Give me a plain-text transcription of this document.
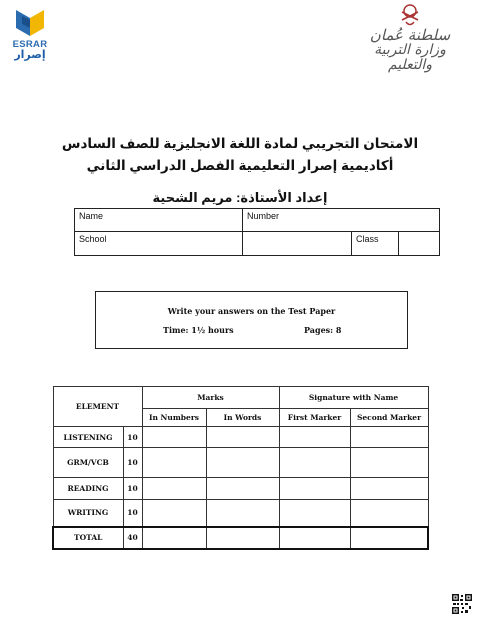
ESRAR
إصرار
سلطنة عُمان
وزارة التربية والتعليم
الامتحان التجريبي لمادة اللغة الانجليزية للصف السادس
أكاديمية إصرار التعليمية الفصل الدراسي الثاني
إعداد الأستاذة: مريم الشحية
Name	Number
School	Class
Write your answers on the Test Paper
Time: 1½ hours	Pages: 8
ELEMENT		Marks		Signature with Name	
		In Numbers	In Words	First Marker	Second Marker
LISTENING	10				
GRM/VCB	10				
READING	10				
WRITING	10				
TOTAL	40				
